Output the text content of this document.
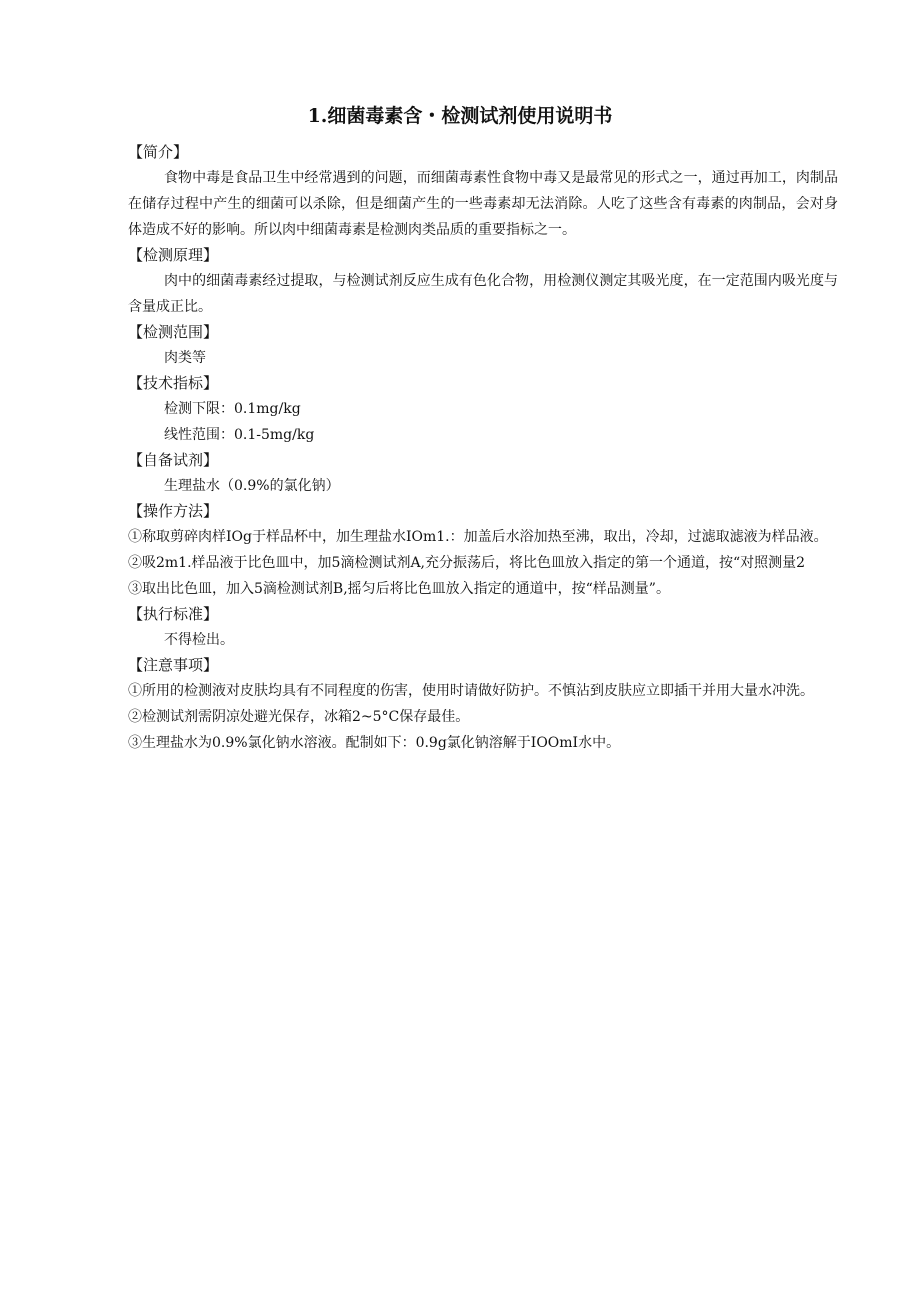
1.细菌毒素含・检测试剂使用说明书
【简介】
食物中毒是食品卫生中经常遇到的问题，而细菌毒素性食物中毒又是最常见的形式之一，通过再加工，肉制品在储存过程中产生的细菌可以杀除，但是细菌产生的一些毒素却无法消除。人吃了这些含有毒素的肉制品，会对身体造成不好的影响。所以肉中细菌毒素是检测肉类品质的重要指标之一。
【检测原理】
肉中的细菌毒素经过提取，与检测试剂反应生成有色化合物，用检测仪测定其吸光度，在一定范围内吸光度与含量成正比。
【检测范围】
肉类等
【技术指标】
检测下限：0.1mg/kg
线性范围：0.1-5mg/kg
【自备试剂】
生理盐水（0.9%的氯化钠）
【操作方法】
①称取剪碎肉样IOg于样品杯中，加生理盐水IOm1.：加盖后水浴加热至沸，取出，冷却，过滤取滤液为样品液。
②吸2m1.样品液于比色皿中，加5滴检测试剂A,充分振荡后，将比色皿放入指定的第一个通道，按“对照测量2
③取出比色皿，加入5滴检测试剂B,摇匀后将比色皿放入指定的通道中，按“样品测量”。
【执行标准】
不得检出。
【注意事项】
①所用的检测液对皮肤均具有不同程度的伤害，使用时请做好防护。不慎沾到皮肤应立即插干并用大量水冲洗。
②检测试剂需阴凉处避光保存，冰箱2~5°C保存最佳。
③生理盐水为0.9%氯化钠水溶液。配制如下：0.9g氯化钠溶解于IOOmI水中。
